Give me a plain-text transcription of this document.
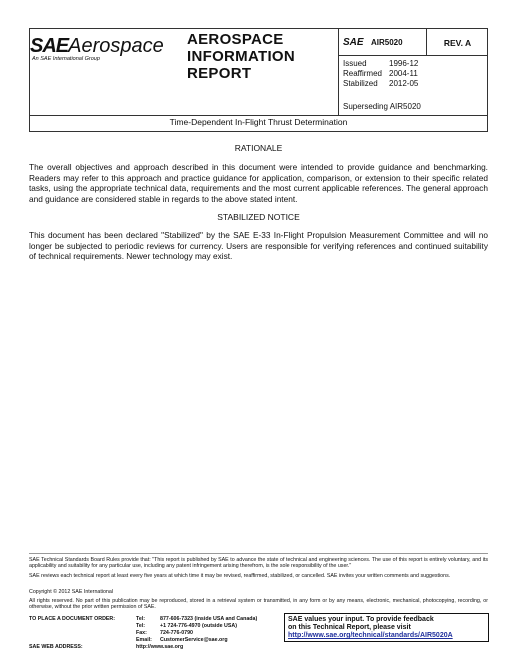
SAEAerospace
An SAE International Group
AEROSPACE
INFORMATION
REPORT
SAE AIR5020	REV. A
Issued	1996-12
Reaffirmed 2004-11
Stabilized 2012-05
Superseding AIR5020
Time-Dependent In-Flight Thrust Determination
RATIONALE

The overall objectives and approach described in this document were intended to provide guidance and benchmarking. Readers may refer to this approach and practice guidance for application, comparison, or extension to their specific related tasks, using the appropriate technical data, requirements and the most current applicable references. The general approach and guidance are considered stable in regards to the above stated intent.

STABILIZED NOTICE

This document has been declared "Stabilized" by the SAE E-33 In-Flight Propulsion Measurement Committee and will no longer be subjected to periodic reviews for currency. Users are responsible for verifying references and continued suitability of technical requirements. Newer technology may exist.

SAE Technical Standards Board Rules provide that: "This report is published by SAE to advance the state of technical and engineering sciences. The use of this report is entirely voluntary, and its applicability and suitability for any particular use, including any patent infringement arising therefrom, is the sole responsibility of the user."

SAE reviews each technical report at least every five years at which time it may be revised, reaffirmed, stabilized, or cancelled. SAE invites your written comments and suggestions.

Copyright © 2012 SAE International

All rights reserved. No part of this publication may be reproduced, stored in a retrieval system or transmitted, in any form or by any means, electronic, mechanical, photocopying, recording, or otherwise, without the prior written permission of SAE.

TO PLACE A DOCUMENT ORDER:	Tel:	877-606-7323 (inside USA and Canada)
Tel:	+1 724-776-4970 (outside USA)
Fax: 724-776-0790
Email: CustomerService@sae.org
SAE WEB ADDRESS:	http://www.sae.org
SAE values your input. To provide feedback
on this Technical Report, please visit
http://www.sae.org/technical/standards/AIR5020A
